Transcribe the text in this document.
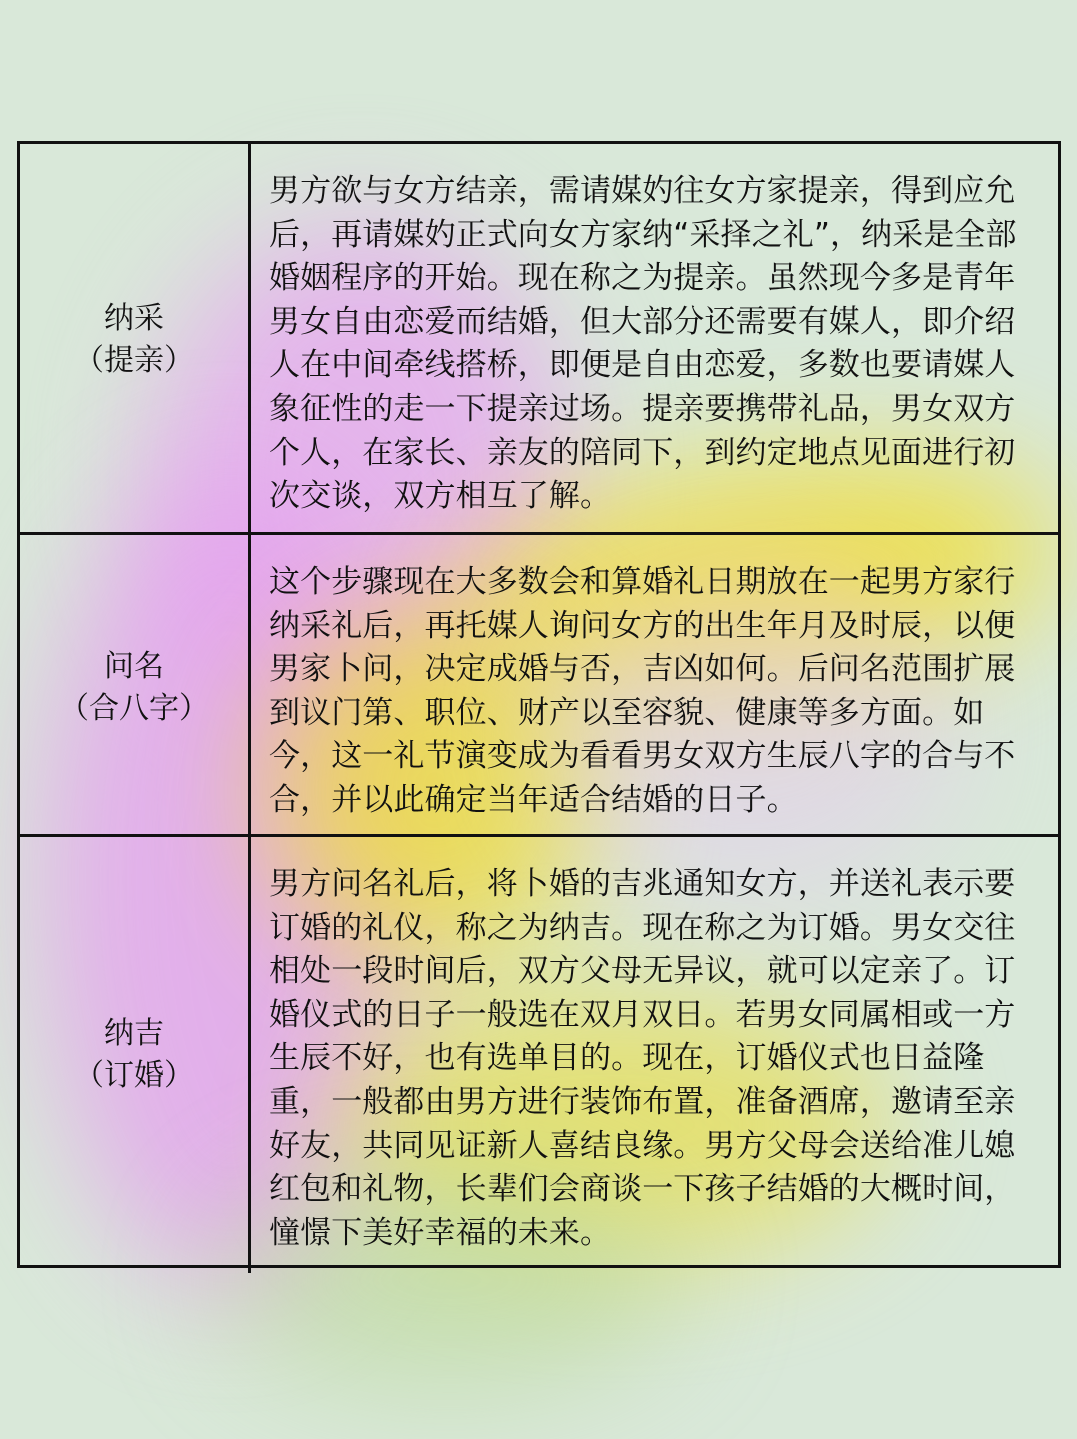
纳采
（提亲）
男方欲与女方结亲，需请媒妁往女方家提亲，得到应允后，再请媒妁正式向女方家纳“采择之礼”，纳采是全部婚姻程序的开始。现在称之为提亲。虽然现今多是青年男女自由恋爱而结婚，但大部分还需要有媒人，即介绍人在中间牵线搭桥，即便是自由恋爱，多数也要请媒人象征性的走一下提亲过场。提亲要携带礼品，男女双方个人，在家长、亲友的陪同下，到约定地点见面进行初次交谈，双方相互了解。
问名
（合八字）
这个步骤现在大多数会和算婚礼日期放在一起男方家行纳采礼后，再托媒人询问女方的出生年月及时辰，以便男家卜问，决定成婚与否，吉凶如何。后问名范围扩展到议门第、职位、财产以至容貌、健康等多方面。如今，这一礼节演变成为看看男女双方生辰八字的合与不合，并以此确定当年适合结婚的日子。
纳吉
（订婚）
男方问名礼后，将卜婚的吉兆通知女方，并送礼表示要订婚的礼仪，称之为纳吉。现在称之为订婚。男女交往相处一段时间后，双方父母无异议，就可以定亲了。订婚仪式的日子一般选在双月双日。若男女同属相或一方生辰不好，也有选单目的。现在，订婚仪式也日益隆重，一般都由男方进行装饰布置，准备酒席，邀请至亲好友，共同见证新人喜结良缘。男方父母会送给准儿媳红包和礼物，长辈们会商谈一下孩子结婚的大概时间，憧憬下美好幸福的未来。
